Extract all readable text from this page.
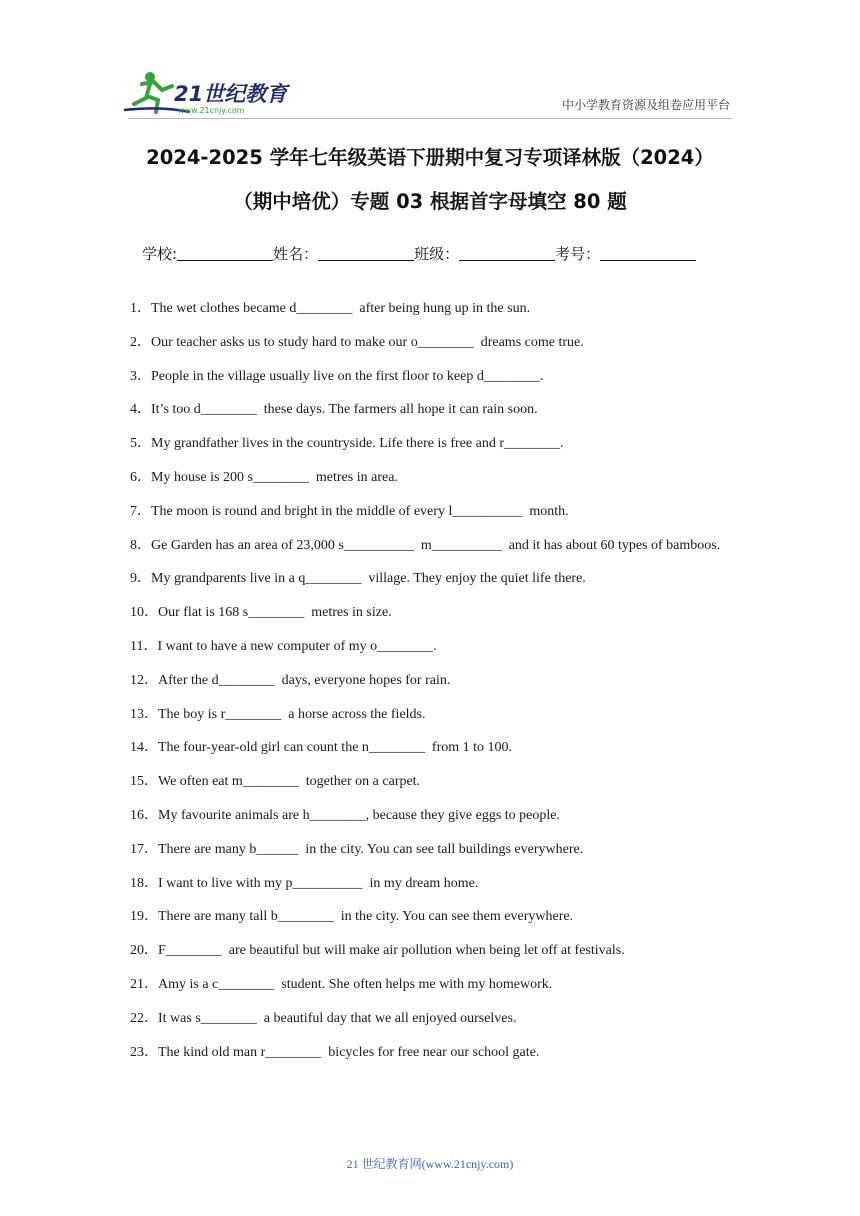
21世纪教育
www.21cnjy.com	中小学教育资源及组卷应用平台
2024-2025 学年七年级英语下册期中复习专项译林版（2024）
（期中培优）专题 03 根据首字母填空 80 题
学校:	姓名：	班级：	考号：
1．The wet clothes became d________  after being hung up in the sun.
2．Our teacher asks us to study hard to make our o________  dreams come true.
3．People in the village usually live on the first floor to keep d________.
4．It’s too d________  these days. The farmers all hope it can rain soon.
5．My grandfather lives in the countryside. Life there is free and r________.
6．My house is 200 s________  metres in area.
7．The moon is round and bright in the middle of every l__________  month.
8．Ge Garden has an area of 23,000 s__________  m__________  and it has about 60 types of bamboos.
9．My grandparents live in a q________  village. They enjoy the quiet life there.
10．Our flat is 168 s________  metres in size.
11．I want to have a new computer of my o________.
12．After the d________  days, everyone hopes for rain.
13．The boy is r________  a horse across the fields.
14．The four-year-old girl can count the n________  from 1 to 100.
15．We often eat m________  together on a carpet.
16．My favourite animals are h________, because they give eggs to people.
17．There are many b______  in the city. You can see tall buildings everywhere.
18．I want to live with my p__________  in my dream home.
19．There are many tall b________  in the city. You can see them everywhere.
20．F________  are beautiful but will make air pollution when being let off at festivals.
21．Amy is a c________  student. She often helps me with my homework.
22．It was s________  a beautiful day that we all enjoyed ourselves.
23．The kind old man r________  bicycles for free near our school gate.
21 世纪教育网(www.21cnjy.com)
